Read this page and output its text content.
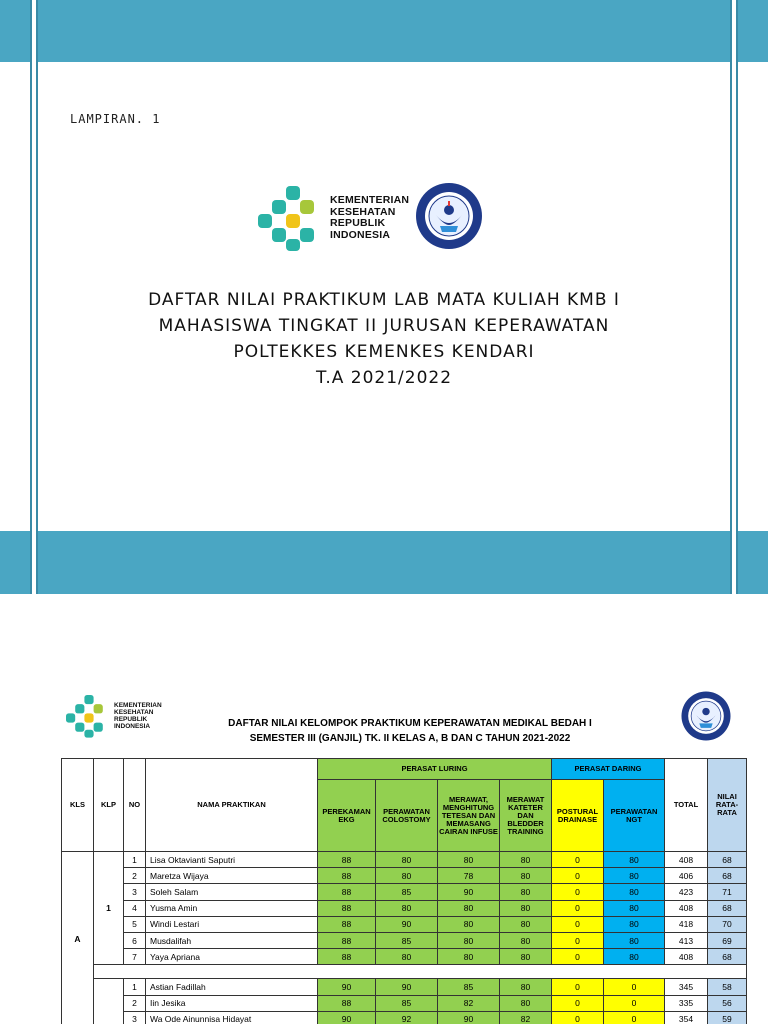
LAMPIRAN. 1
KEMENTERIAN
KESEHATAN
REPUBLIK
INDONESIA
DAFTAR NILAI PRAKTIKUM LAB MATA KULIAH KMB I
MAHASISWA TINGKAT II JURUSAN KEPERAWATAN
POLTEKKES KEMENKES KENDARI
T.A 2021/2022
KEMENTERIAN
KESEHATAN
REPUBLIK
INDONESIA	DAFTAR NILAI KELOMPOK PRAKTIKUM KEPERAWATAN MEDIKAL BEDAH I
SEMESTER III (GANJIL) TK. II KELAS A, B DAN C TAHUN 2021-2022
KLS	KLP	NO	NAMA PRAKTIKAN	PERASAT LURING				PERASAT DARING		TOTAL	NILAI RATA-RATA
				PEREKAMAN EKG	PERAWATAN COLOSTOMY	MERAWAT, MENGHITUNG TETESAN DAN MEMASANG CAIRAN INFUSE	MERAWAT KATETER DAN BLEDDER TRAINING	POSTURAL DRAINASE	PERAWATAN NGT		
A	1	1	Lisa Oktavianti Saputri	88	80	80	80	0	80	408	68
		2	Maretza Wijaya	88	80	78	80	0	80	406	68
		3	Soleh Salam	88	85	90	80	0	80	423	71
		4	Yusma Amin	88	80	80	80	0	80	408	68
		5	Windi Lestari	88	90	80	80	0	80	418	70
		6	Musdalifah	88	85	80	80	0	80	413	69
		7	Yaya Apriana	88	80	80	80	0	80	408	68

		1	Astian Fadillah	90	90	85	80	0	0	345	58
		2	Iin Jesika	88	85	82	80	0	0	335	56
		3	Wa Ode Ainunnisa Hidayat	90	92	90	82	0	0	354	59
